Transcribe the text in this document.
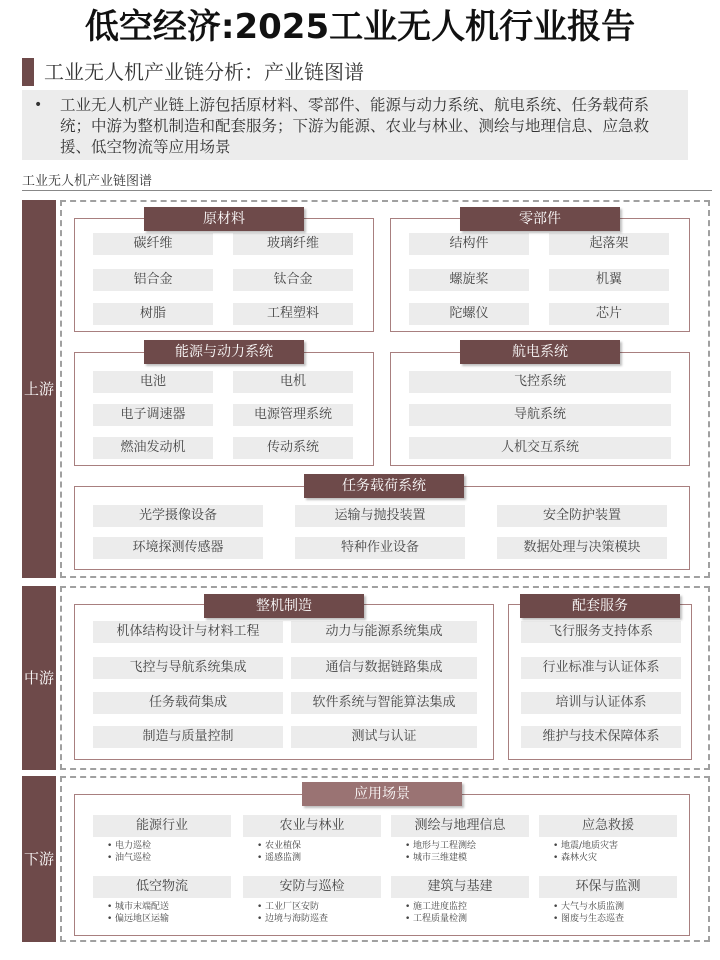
低空经济:2025工业无人机行业报告
工业无人机产业链分析：产业链图谱
• 工业无人机产业链上游包括原材料、零部件、能源与动力系统、航电系统、任务载荷系统；中游为整机制造和配套服务；下游为能源、农业与林业、测绘与地理信息、应急救援、低空物流等应用场景
工业无人机产业链图谱
上游
碳纤维	玻璃纤维
铝合金	钛合金
树脂	工程塑料
原材料
结构件	起落架
螺旋桨	机翼
陀螺仪	芯片
零部件
电池	电机
电子调速器	电源管理系统
燃油发动机	传动系统
能源与动力系统
飞控系统
导航系统
人机交互系统
航电系统
光学摄像设备	运输与抛投装置	安全防护装置
环境探测传感器	特种作业设备	数据处理与决策模块
任务载荷系统
中游
机体结构设计与材料工程	动力与能源系统集成
飞控与导航系统集成	通信与数据链路集成
任务载荷集成	软件系统与智能算法集成
制造与质量控制	测试与认证
整机制造
飞行服务支持体系
行业标准与认证体系
培训与认证体系
维护与技术保障体系
配套服务
下游
能源行业
• 电力巡检
• 油气巡检
农业与林业
• 农业植保
• 遥感监测
测绘与地理信息
• 地形与工程测绘
• 城市三维建模
应急救援
• 地震/地质灾害
• 森林火灾
低空物流
• 城市末端配送
• 偏远地区运输
安防与巡检
• 工业厂区安防
• 边境与海防巡查
建筑与基建
• 施工进度监控
• 工程质量检测
环保与监测
• 大气与水质监测
• 图废与生态巡查
应用场景
